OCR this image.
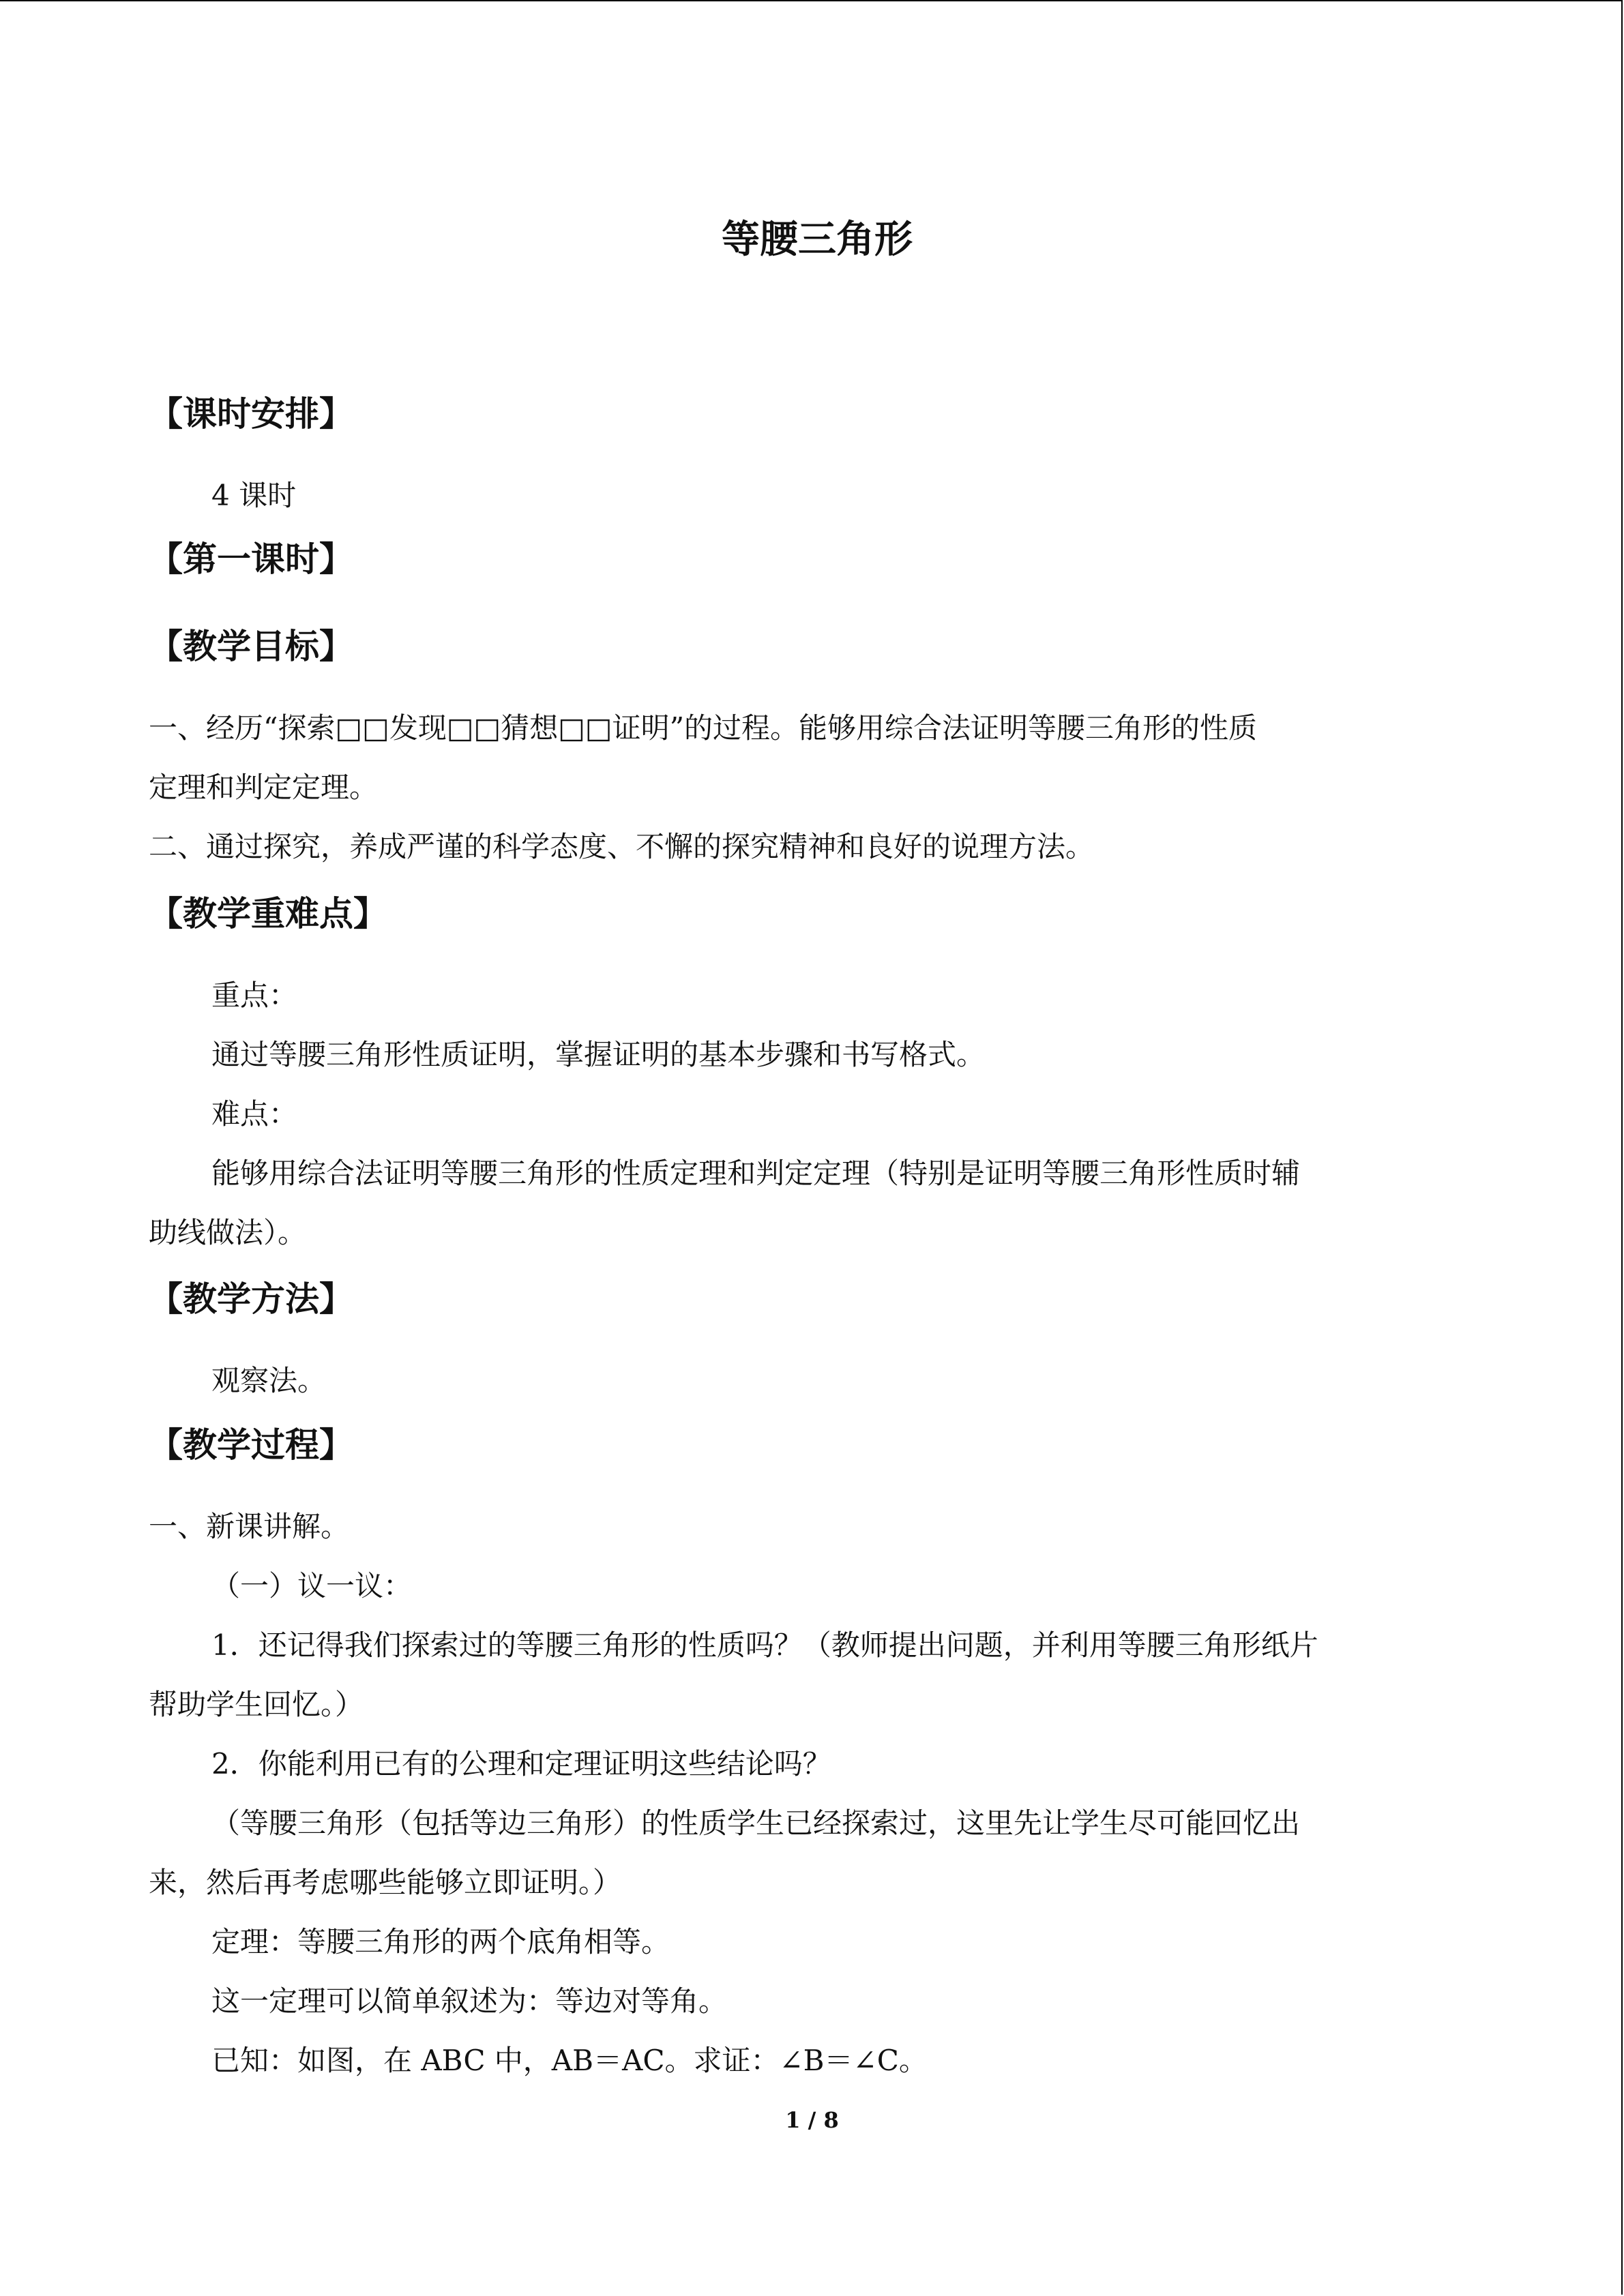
等腰三角形
【课时安排】
4 课时
【第一课时】
【教学目标】
一、经历“探索□□发现□□猜想□□证明”的过程。能够用综合法证明等腰三角形的性质
定理和判定定理。
二、通过探究，养成严谨的科学态度、不懈的探究精神和良好的说理方法。
【教学重难点】
重点：
通过等腰三角形性质证明，掌握证明的基本步骤和书写格式。
难点：
能够用综合法证明等腰三角形的性质定理和判定定理（特别是证明等腰三角形性质时辅
助线做法）。
【教学方法】
观察法。
【教学过程】
一、新课讲解。
（一）议一议：
1．还记得我们探索过的等腰三角形的性质吗？（教师提出问题，并利用等腰三角形纸片
帮助学生回忆。）
2．你能利用已有的公理和定理证明这些结论吗？
（等腰三角形（包括等边三角形）的性质学生已经探索过，这里先让学生尽可能回忆出
来，然后再考虑哪些能够立即证明。）
定理：等腰三角形的两个底角相等。
这一定理可以简单叙述为：等边对等角。
已知：如图，在 ABC 中，AB＝AC。求证：∠B＝∠C。
1 / 8
